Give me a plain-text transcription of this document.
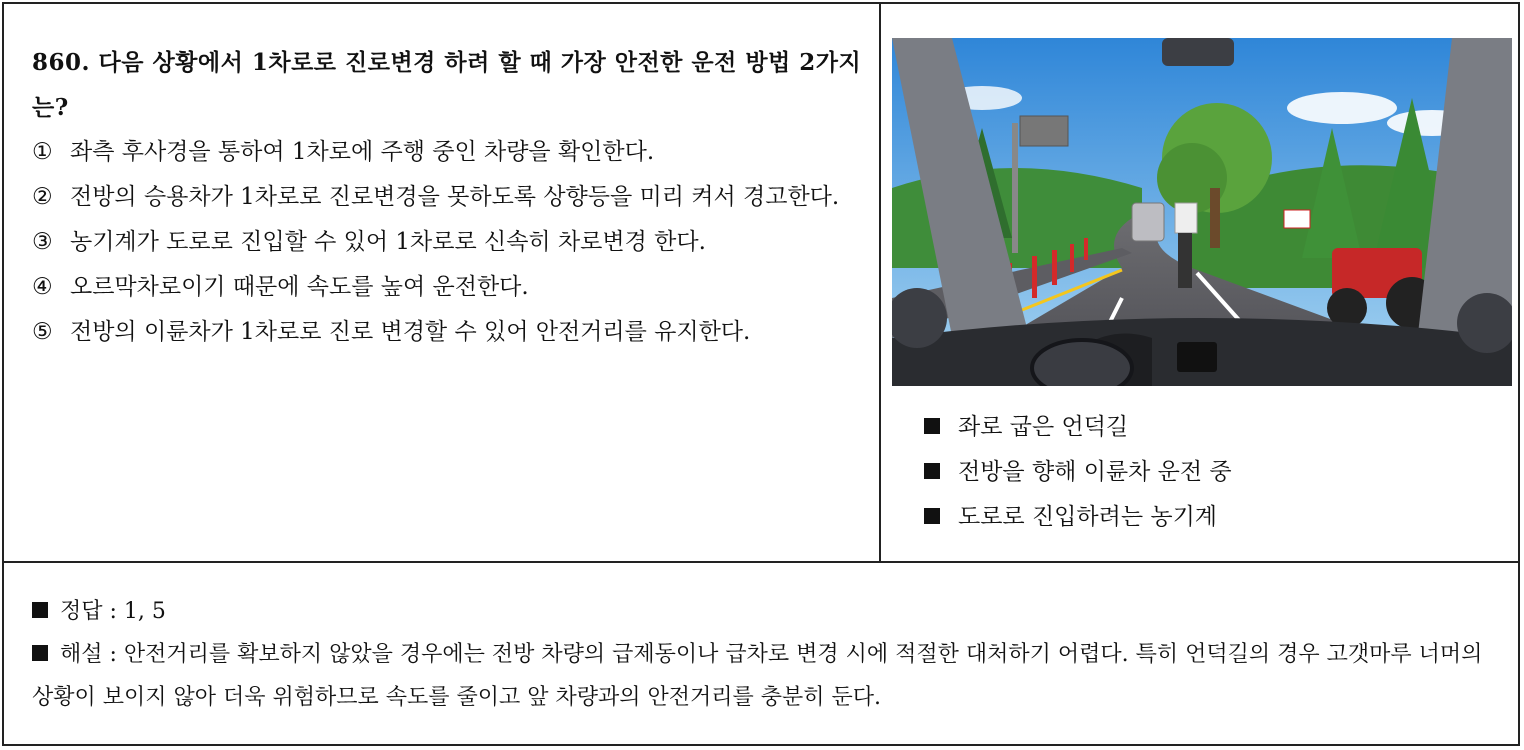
860. 다음 상황에서 1차로로 진로변경 하려 할 때 가장 안전한 운전 방법 2가지는?
① 좌측 후사경을 통하여 1차로에 주행 중인 차량을 확인한다.
② 전방의 승용차가 1차로로 진로변경을 못하도록 상향등을 미리 켜서 경고한다.
③ 농기계가 도로로 진입할 수 있어 1차로로 신속히 차로변경 한다.
④ 오르막차로이기 때문에 속도를 높여 운전한다.
⑤ 전방의 이륜차가 1차로로 진로 변경할 수 있어 안전거리를 유지한다.
좌로 굽은 언덕길
전방을 향해 이륜차 운전 중
도로로 진입하려는 농기계
정답 : 1, 5
해설 : 안전거리를 확보하지 않았을 경우에는 전방 차량의 급제동이나 급차로 변경 시에 적절한 대처하기 어렵다. 특히 언덕길의 경우 고갯마루 너머의 상황이 보이지 않아 더욱 위험하므로 속도를 줄이고 앞 차량과의 안전거리를 충분히 둔다.
